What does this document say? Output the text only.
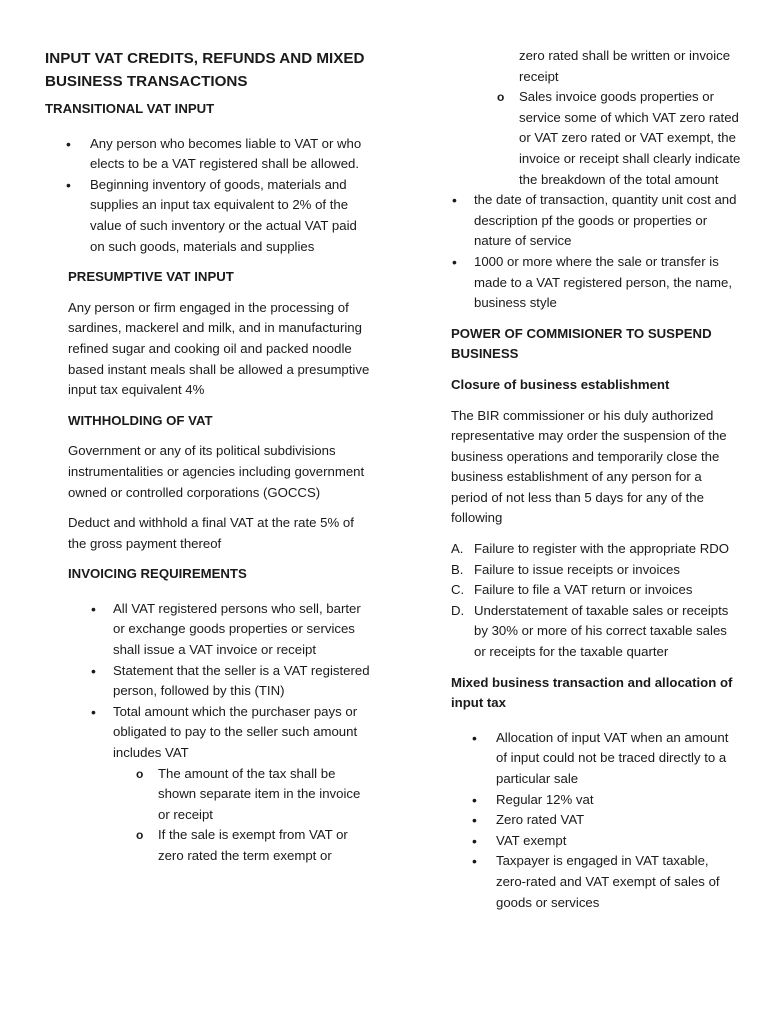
INPUT VAT CREDITS, REFUNDS AND MIXED
BUSINESS TRANSACTIONS
TRANSITIONAL VAT INPUT
• Any person who becomes liable to VAT or who elects to be a VAT registered shall be allowed.
• Beginning inventory of goods, materials and supplies an input tax equivalent to 2% of the value of such inventory or the actual VAT paid on such goods, materials and supplies
PRESUMPTIVE VAT INPUT

Any person or firm engaged in the processing of sardines, mackerel and milk, and in manufacturing refined sugar and cooking oil and packed noodle based instant meals shall be allowed a presumptive input tax equivalent 4%

WITHHOLDING OF VAT

Government or any of its political subdivisions instrumentalities or agencies including government owned or controlled corporations (GOCCS)

Deduct and withhold a final VAT at the rate 5% of the gross payment thereof

INVOICING REQUIREMENTS
• All VAT registered persons who sell, barter or exchange goods properties or services shall issue a VAT invoice or receipt
• Statement that the seller is a VAT registered person, followed by this (TIN)
• Total amount which the purchaser pays or obligated to pay to the seller such amount includes VAT
o The amount of the tax shall be shown separate item in the invoice or receipt
o If the sale is exempt from VAT or zero rated the term exempt or
zero rated shall be written or invoice receipt
o Sales invoice goods properties or service some of which VAT zero rated or VAT zero rated or VAT exempt, the invoice or receipt shall clearly indicate the breakdown of the total amount
• the date of transaction, quantity unit cost and description pf the goods or properties or nature of service
• 1000 or more where the sale or transfer is made to a VAT registered person, the name, business style
POWER OF COMMISIONER TO SUSPEND BUSINESS
Closure of business establishment

The BIR commissioner or his duly authorized representative may order the suspension of the business operations and temporarily close the business establishment of any person for a period of not less than 5 days for any of the following

A. Failure to register with the appropriate RDO
B. Failure to issue receipts or invoices
C. Failure to file a VAT return or invoices
D. Understatement of taxable sales or receipts by 30% or more of his correct taxable sales or receipts for the taxable quarter
Mixed business transaction and allocation of input tax
• Allocation of input VAT when an amount of input could not be traced directly to a particular sale
• Regular 12% vat
• Zero rated VAT
• VAT exempt
• Taxpayer is engaged in VAT taxable, zero-rated and VAT exempt of sales of goods or services
